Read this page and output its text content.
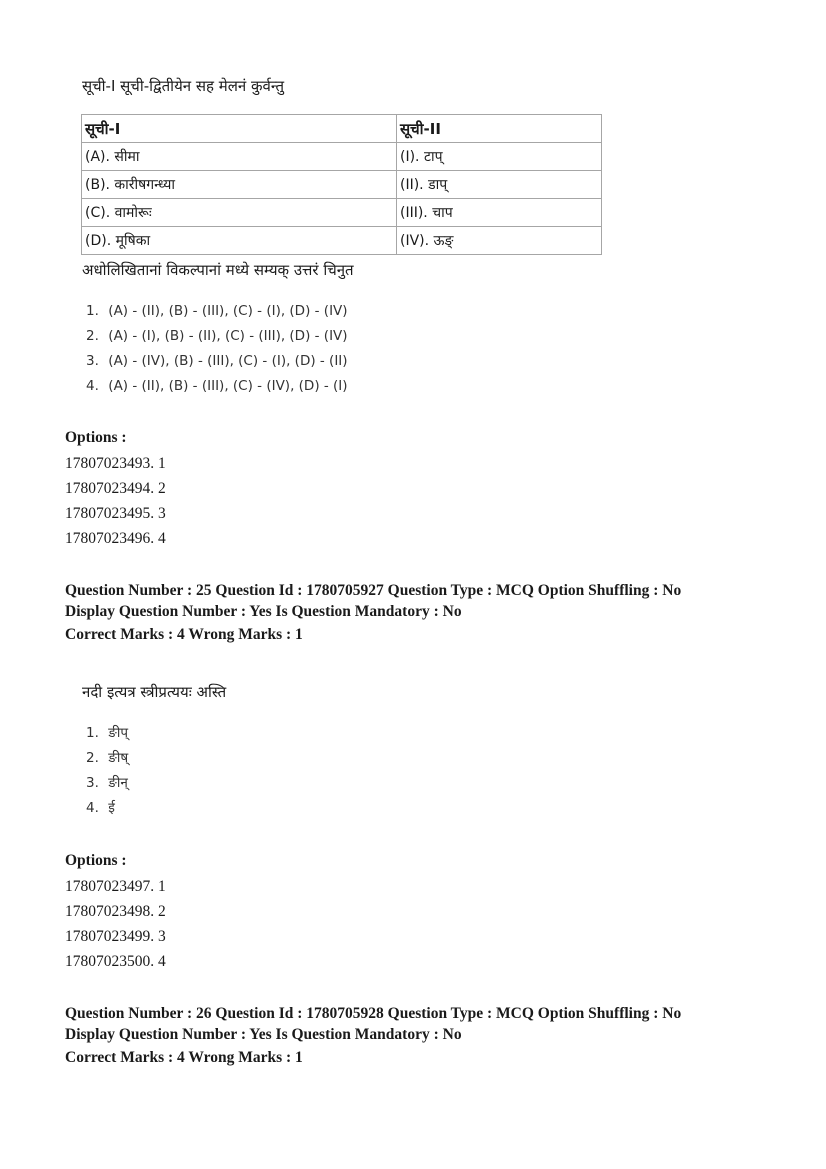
सूची-I सूची-द्वितीयेन सह मेलनं कुर्वन्तु
सूची-I	सूची-II
(A). सीमा	(I). टाप्
(B). कारीषगन्ध्या	(II). डाप्
(C). वामोरूः	(III). चाप
(D). मूषिका	(IV). ऊङ्
अधोलिखितानां विकल्पानां मध्ये सम्यक् उत्तरं चिनुत
1. (A) - (II), (B) - (III), (C) - (I), (D) - (IV)
2. (A) - (I), (B) - (II), (C) - (III), (D) - (IV)
3. (A) - (IV), (B) - (III), (C) - (I), (D) - (II)
4. (A) - (II), (B) - (III), (C) - (IV), (D) - (I)
Options :
17807023493. 1
17807023494. 2
17807023495. 3
17807023496. 4
Question Number : 25 Question Id : 1780705927 Question Type : MCQ Option Shuffling : No
Display Question Number : Yes Is Question Mandatory : No
Correct Marks : 4 Wrong Marks : 1
नदी इत्यत्र स्त्रीप्रत्ययः अस्ति
1. ङीप्
2. ङीष्
3. ङीन्
4. ई
Options :
17807023497. 1
17807023498. 2
17807023499. 3
17807023500. 4
Question Number : 26 Question Id : 1780705928 Question Type : MCQ Option Shuffling : No
Display Question Number : Yes Is Question Mandatory : No
Correct Marks : 4 Wrong Marks : 1
